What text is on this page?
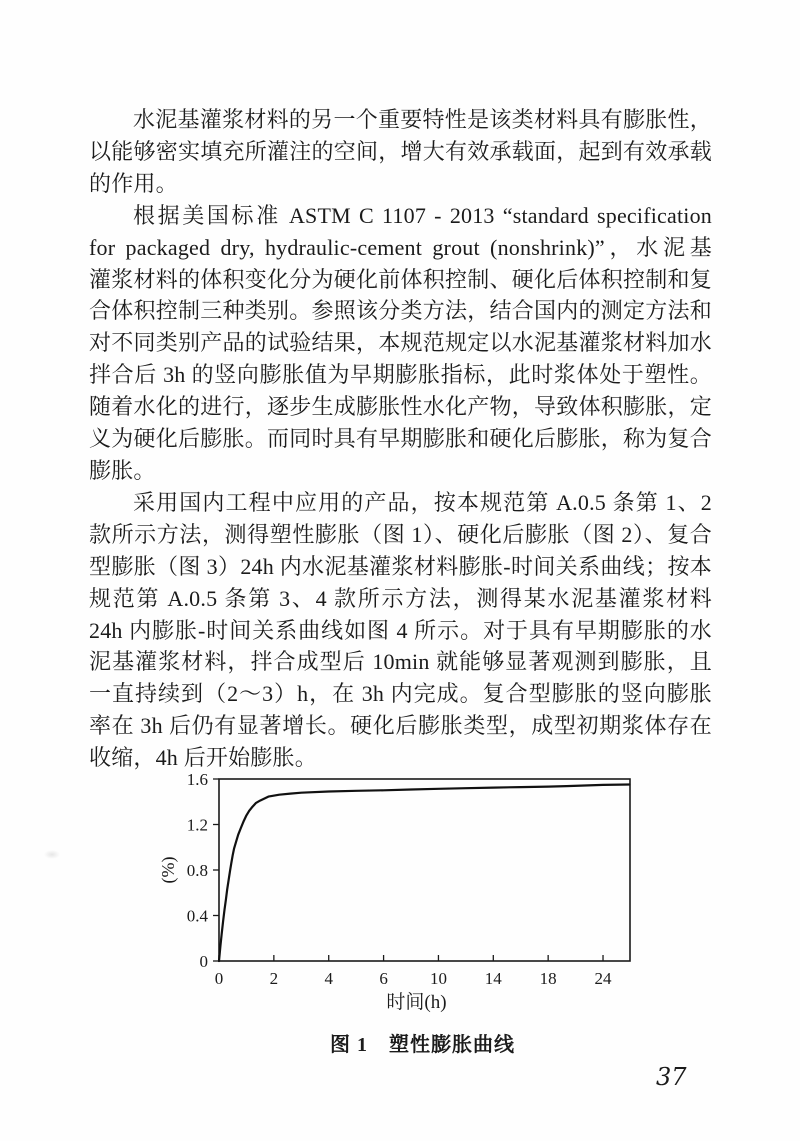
水泥基灌浆材料的另一个重要特性是该类材料具有膨胀性，
以能够密实填充所灌注的空间，增大有效承载面，起到有效承载
的作用。
根据美国标准 ASTM C 1107 - 2013 “standard specification
for packaged dry, hydraulic-cement grout (nonshrink)”，水泥基
灌浆材料的体积变化分为硬化前体积控制、硬化后体积控制和复
合体积控制三种类别。参照该分类方法，结合国内的测定方法和
对不同类别产品的试验结果，本规范规定以水泥基灌浆材料加水
拌合后 3h 的竖向膨胀值为早期膨胀指标，此时浆体处于塑性。
随着水化的进行，逐步生成膨胀性水化产物，导致体积膨胀，定
义为硬化后膨胀。而同时具有早期膨胀和硬化后膨胀，称为复合
膨胀。
采用国内工程中应用的产品，按本规范第 A.0.5 条第 1、2
款所示方法，测得塑性膨胀（图 1）、硬化后膨胀（图 2）、复合
型膨胀（图 3）24h 内水泥基灌浆材料膨胀-时间关系曲线；按本
规范第 A.0.5 条第 3、4 款所示方法，测得某水泥基灌浆材料
24h 内膨胀-时间关系曲线如图 4 所示。对于具有早期膨胀的水
泥基灌浆材料，拌合成型后 10min 就能够显著观测到膨胀，且
一直持续到（2～3）h，在 3h 内完成。复合型膨胀的竖向膨胀
率在 3h 后仍有显著增长。硬化后膨胀类型，成型初期浆体存在
收缩，4h 后开始膨胀。
0	2	4	6 10 14 18 24
0
0.4
0.8
1.2
1.6
时间(h)
(%)
图 1　塑性膨胀曲线
37
